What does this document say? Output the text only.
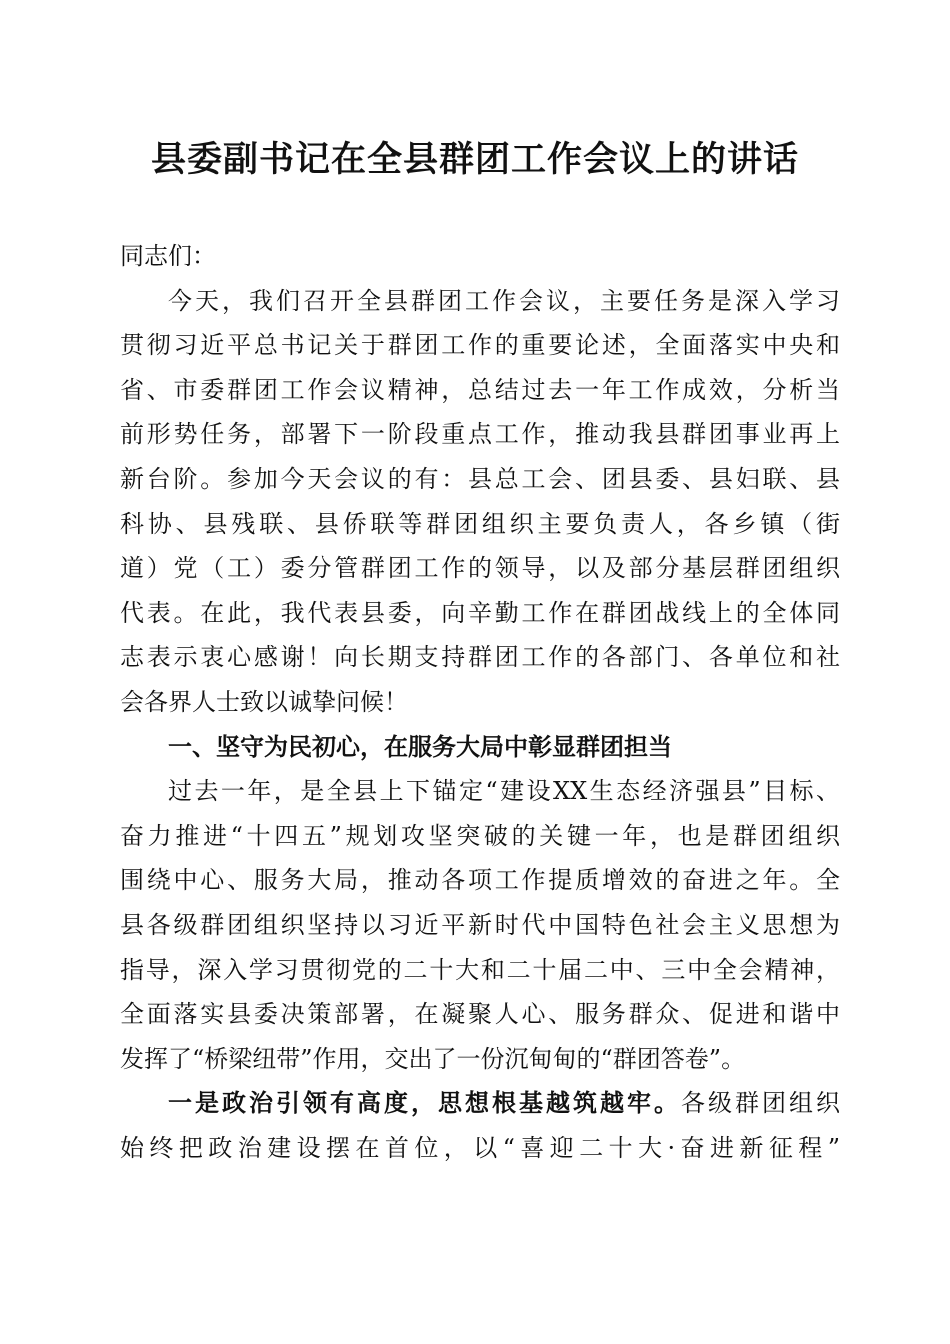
县委副书记在全县群团工作会议上的讲话
同志们：
今天，我们召开全县群团工作会议，主要任务是深入学习
贯彻习近平总书记关于群团工作的重要论述，全面落实中央和
省、市委群团工作会议精神，总结过去一年工作成效，分析当
前形势任务，部署下一阶段重点工作，推动我县群团事业再上
新台阶。参加今天会议的有：县总工会、团县委、县妇联、县
科协、县残联、县侨联等群团组织主要负责人，各乡镇（街
道）党（工）委分管群团工作的领导，以及部分基层群团组织
代表。在此，我代表县委，向辛勤工作在群团战线上的全体同
志表示衷心感谢！向长期支持群团工作的各部门、各单位和社
会各界人士致以诚挚问候！
一、坚守为民初心，在服务大局中彰显群团担当
过去一年，是全县上下锚定“建设XX生态经济强县”目标、
奋力推进“十四五”规划攻坚突破的关键一年，也是群团组织
围绕中心、服务大局，推动各项工作提质增效的奋进之年。全
县各级群团组织坚持以习近平新时代中国特色社会主义思想为
指导，深入学习贯彻党的二十大和二十届二中、三中全会精神，
全面落实县委决策部署，在凝聚人心、服务群众、促进和谐中
发挥了“桥梁纽带”作用，交出了一份沉甸甸的“群团答卷”。
一是政治引领有高度，思想根基越筑越牢。各级群团组织
始终把政治建设摆在首位，以“喜迎二十大·奋进新征程”
